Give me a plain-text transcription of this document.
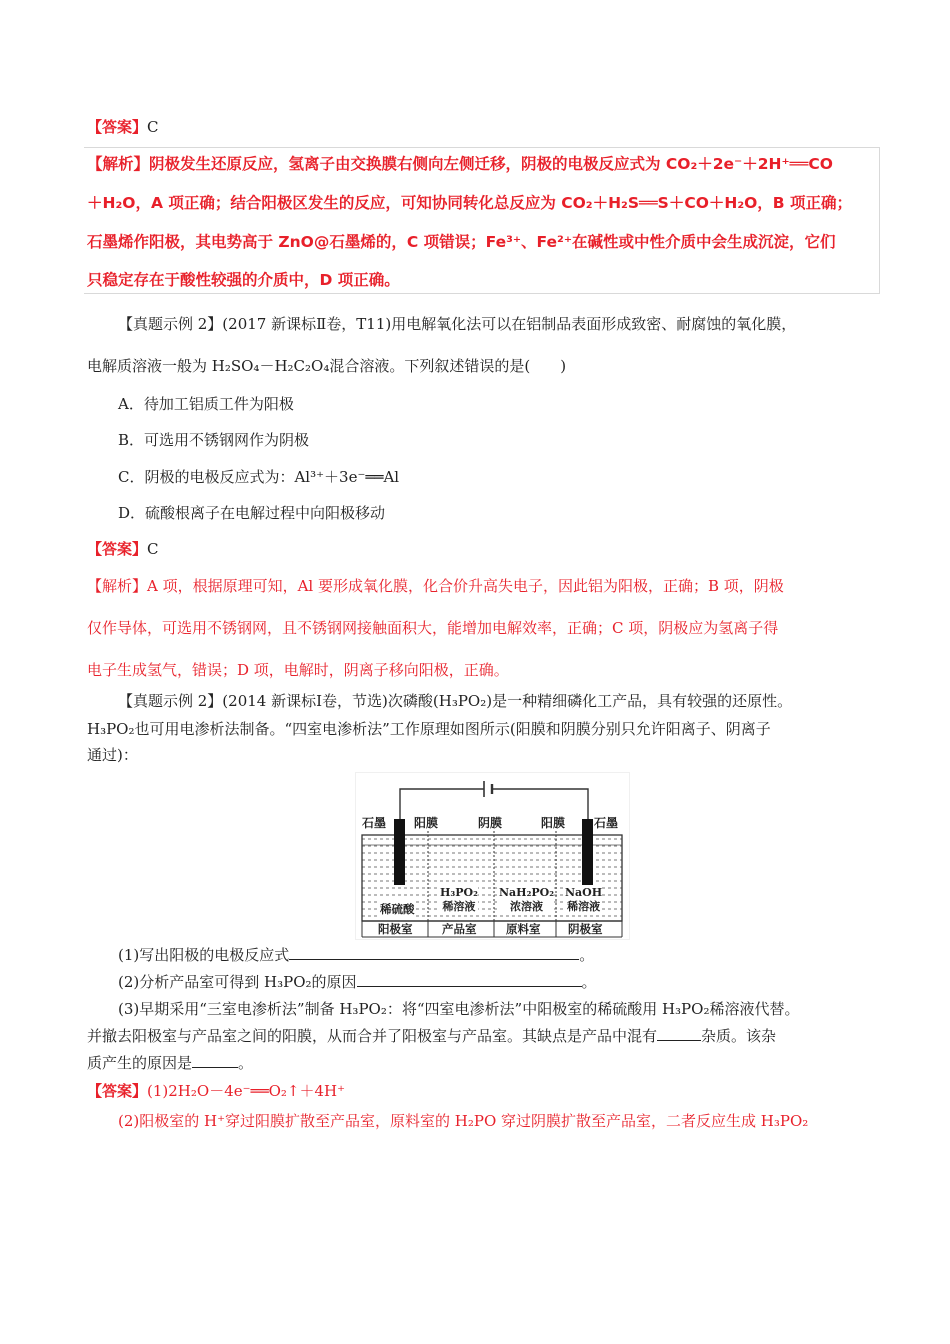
【答案】C
【解析】阴极发生还原反应，氢离子由交换膜右侧向左侧迁移，阴极的电极反应式为 CO₂＋2e⁻＋2H⁺══CO
＋H₂O，A 项正确；结合阳极区发生的反应，可知协同转化总反应为 CO₂＋H₂S══S＋CO＋H₂O，B 项正确；
石墨烯作阳极，其电势高于 ZnO@石墨烯的，C 项错误；Fe³⁺、Fe²⁺在碱性或中性介质中会生成沉淀，它们
只稳定存在于酸性较强的介质中，D 项正确。
【真题示例 2】(2017 新课标Ⅱ卷，T11)用电解氧化法可以在铝制品表面形成致密、耐腐蚀的氧化膜，
电解质溶液一般为 H₂SO₄－H₂C₂O₄混合溶液。下列叙述错误的是(　　)
A．待加工铝质工件为阳极
B．可选用不锈钢网作为阴极
C．阴极的电极反应式为：Al³⁺＋3e⁻══Al
D．硫酸根离子在电解过程中向阳极移动
【答案】C
【解析】A 项，根据原理可知，Al 要形成氧化膜，化合价升高失电子，因此铝为阳极，正确；B 项，阴极
仅作导体，可选用不锈钢网，且不锈钢网接触面积大，能增加电解效率，正确；C 项，阴极应为氢离子得
电子生成氢气，错误；D 项，电解时，阴离子移向阳极，正确。
【真题示例 2】(2014 新课标Ⅰ卷，节选)次磷酸(H₃PO₂)是一种精细磷化工产品，具有较强的还原性。
H₃PO₂也可用电渗析法制备。“四室电渗析法”工作原理如图所示(阳膜和阴膜分别只允许阳离子、阴离子
通过)：
石墨 阳膜	阴膜	阳膜 石墨
稀硫酸
H₃PO₂
稀溶液
NaH₂PO₂
浓溶液
NaOH
稀溶液
阳极室	产品室	原料室 阴极室
(1)写出阳极的电极反应式	。
(2)分析产品室可得到 H₃PO₂的原因	。
(3)早期采用“三室电渗析法”制备 H₃PO₂：将“四室电渗析法”中阳极室的稀硫酸用 H₃PO₂稀溶液代替。
并撤去阳极室与产品室之间的阳膜，从而合并了阳极室与产品室。其缺点是产品中混有	杂质。该杂
质产生的原因是	。
【答案】(1)2H₂O－4e⁻══O₂↑＋4H⁺
(2)阳极室的 H⁺穿过阳膜扩散至产品室，原料室的 H₂PO 穿过阴膜扩散至产品室，二者反应生成 H₃PO₂
